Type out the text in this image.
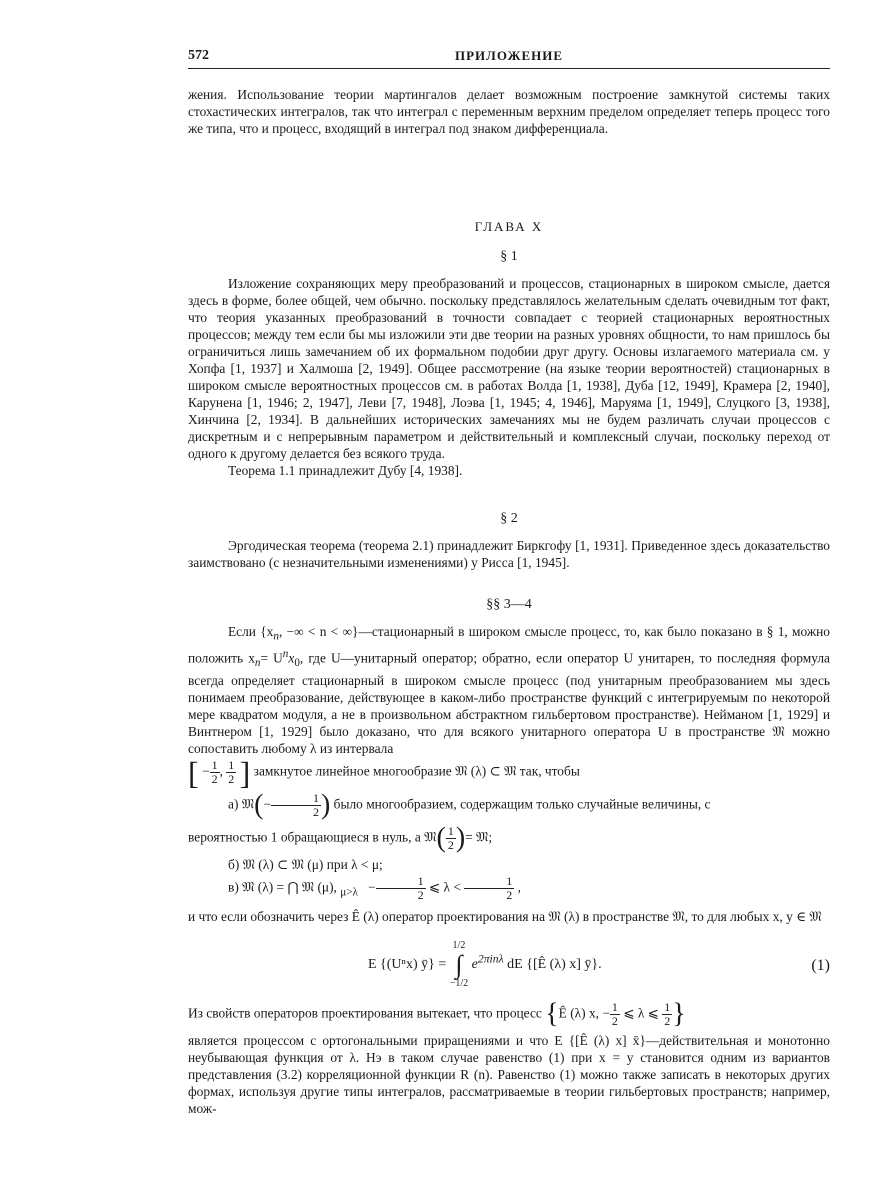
572	ПРИЛОЖЕНИЕ

жения. Использование теории мартингалов делает возможным построение замкнутой системы таких стохастических интегралов, так что интеграл с переменным верхним пределом определяет теперь процесс того же типа, что и процесс, входящий в интеграл под знаком дифференциала.

ГЛАВА X

§ 1

Изложение сохраняющих меру преобразований и процессов, стационарных в широком смысле, дается здесь в форме, более общей, чем обычно. поскольку представлялось желательным сделать очевидным тот факт, что теория указанных преобразований в точности совпадает с теорией стационарных вероятностных процессов; между тем если бы мы изложили эти две теории на разных уровнях общности, то нам пришлось бы ограничиться лишь замечанием об их формальном подобии друг другу. Основы излагаемого материала см. у Хопфа [1, 1937] и Халмоша [2, 1949]. Общее рассмотрение (на языке теории вероятностей) стационарных в широком смысле вероятностных процессов см. в работах Волда [1, 1938], Дуба [12, 1949], Крамера [2, 1940], Карунена [1, 1946; 2, 1947], Леви [7, 1948], Лоэва [1, 1945; 4, 1946], Маруяма [1, 1949], Слуцкого [3, 1938], Хинчина [2, 1934]. В дальнейших исторических замечаниях мы не будем различать случаи процессов с дискретным и с непрерывным параметром и действительный и комплексный случаи, поскольку переход от одного к другому делается без всякого труда.

Теорема 1.1 принадлежит Дубу [4, 1938].

§ 2

Эргодическая теорема (теорема 2.1) принадлежит Биркгофу [1, 1931]. Приведенное здесь доказательство заимствовано (с незначительными изменениями) у Рисса [1, 1945].

§§ 3—4

Если {$x_n$, −∞ < n < ∞}—стационарный в широком смысле процесс, то, как было показано в § 1, можно положить $x_n= U^nx_0$, где U—унитарный оператор; обратно, если оператор U унитарен, то последняя формула всегда определяет стационарный в широком смысле процесс (под унитарным преобразованием мы здесь понимаем преобразование, действующее в каком-либо пространстве функций с интегрируемым по некоторой мере квадратом модуля, а не в произвольном абстрактном гильбертовом пространстве). Нейманом [1, 1929] и Винтнером [1, 1929] было доказано, что для всякого унитарного оператора U в пространстве 𝔐 можно сопоставить любому λ из интервала

[ − $\frac{1}{2}$ , $\frac{1}{2}$ ] замкнутое линейное многообразие 𝔐 (λ) ⊂ 𝔐 так, чтобы

а) 𝔐(− $\frac{1}{2}$ ) было многообразием, содержащим только случайные величины, с

вероятностью 1 обращающиеся в нуль, а 𝔐( $\frac{1}{2}$ )= 𝔐;

б) 𝔐 (λ) ⊂ 𝔐 (μ) при λ < μ;

в) 𝔐 (λ) = ⋂ 𝔐 (μ), $_{\mu>\lambda} - \frac{1}{2}$ ⩽ $\lambda < \frac{1}{2}$ ,

и что если обозначить через Ê (λ) оператор проектирования на 𝔐 (λ) в пространстве 𝔐, то для любых x, y ∈ 𝔐

E {(Uⁿx) ȳ} =
1/2
∫
−1/2
$e^{2\pi in\lambda}$ dE {[Ê (λ) x] ȳ}.	(1)

Из свойств операторов проектирования вытекает, что процесс {Ê (λ) x, − $\frac{1}{2}$ ⩽ λ ⩽ $\frac{1}{2}$ }

является процессом с ортогональными приращениями и что E {[Ê (λ) x] x̄}—действительная и монотонно неубывающая функция от λ. Нэ в таком случае равенство (1) при x = y становится одним из вариантов представления (3.2) корреляционной функции R (n). Равенство (1) можно также записать в некоторых других формах, используя другие типы интегралов, рассматриваемые в теории гильбертовых пространств; например, мож-
